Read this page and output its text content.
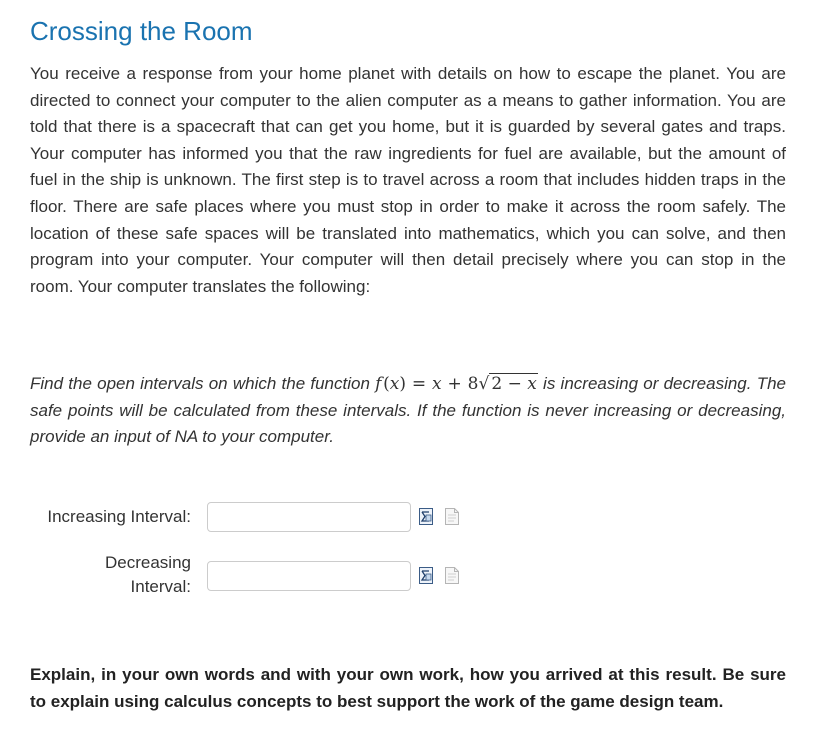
Crossing the Room

You receive a response from your home planet with details on how to escape the planet. You are directed to connect your computer to the alien computer as a means to gather information. You are told that there is a spacecraft that can get you home, but it is guarded by several gates and traps. Your computer has informed you that the raw ingredients for fuel are available, but the amount of fuel in the ship is unknown. The first step is to travel across a room that includes hidden traps in the floor. There are safe places where you must stop in order to make it across the room safely. The location of these safe spaces will be translated into mathematics, which you can solve, and then program into your computer. Your computer will then detail precisely where you can stop in the room. Your computer translates the following:

Find the open intervals on which the function f (x) = x + 8√ 2 − x is increasing or decreasing. The safe points will be calculated from these intervals. If the function is never increasing or decreasing, provide an input of NA to your computer.

Increasing Interval:
Decreasing
Interval:

Explain, in your own words and with your own work, how you arrived at this result. Be sure to explain using calculus concepts to best support the work of the game design team.
